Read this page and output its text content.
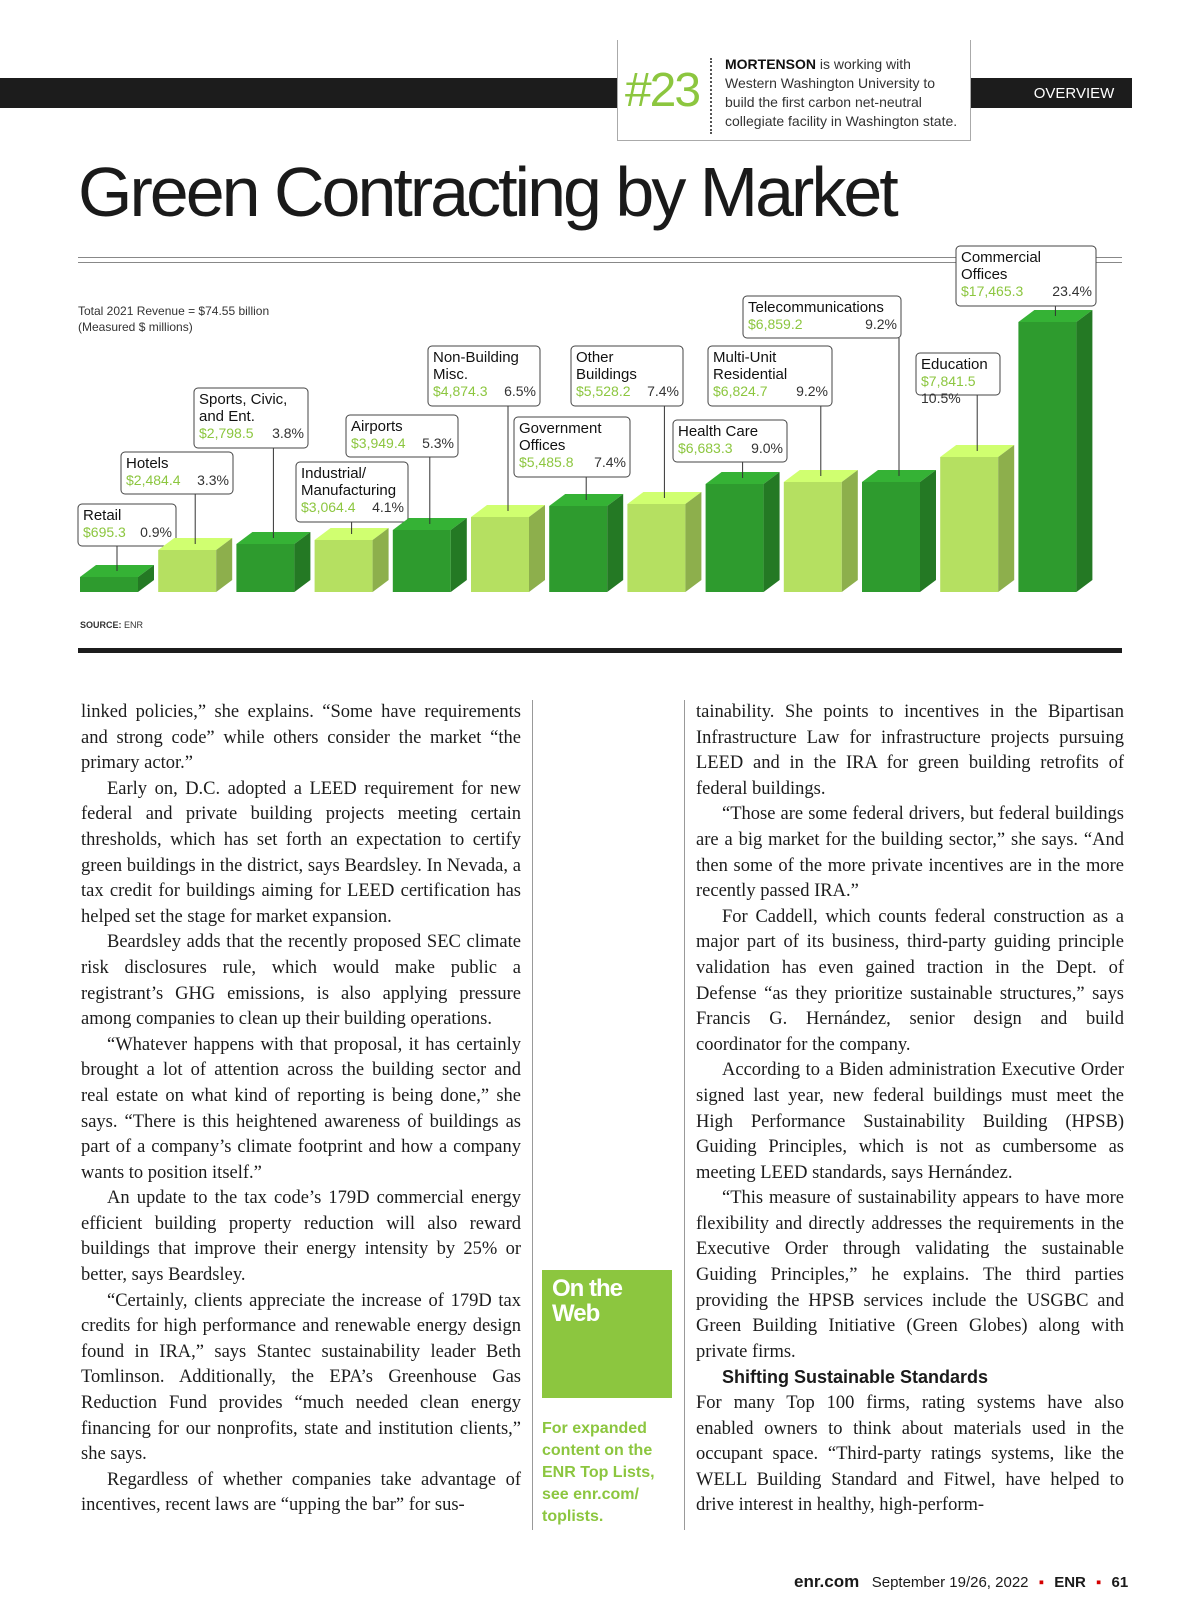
OVERVIEW
#23 MORTENSON is working with Western Washington University to build the first carbon net-neutral collegiate facility in Washington state.
Green Contracting by Market
Total 2021 Revenue = $74.55 billion
(Measured $ millions)
Retail
$695.3 0.9%
Hotels
$2,484.4 3.3%
Sports, Civic,
and Ent.
$2,798.5 3.8%
Industrial/
Manufacturing
$3,064.4 4.1%
Airports
$3,949.4 5.3%
Non-Building
Misc.
$4,874.3 6.5%
Government
Offices
$5,485.8 7.4%
Other
Buildings
$5,528.2 7.4%
Health Care
$6,683.3 9.0%
Multi-Unit
Residential
$6,824.7 9.2%
Telecommunications
$6,859.2	9.2%
Education
$7,841.5
10.5%
Commercial
Offices
$17,465.3 23.4%
SOURCE: ENR

linked policies,” she explains. “Some have requirements and strong code” while others consider the market “the primary actor.”

Early on, D.C. adopted a LEED requirement for new federal and private building projects meeting certain thresholds, which has set forth an expectation to certify green buildings in the district, says Beardsley. In Nevada, a tax credit for buildings aiming for LEED certification has helped set the stage for market expansion.

Beardsley adds that the recently proposed SEC climate risk disclosures rule, which would make public a registrant’s GHG emissions, is also applying pressure among companies to clean up their building operations.

“Whatever happens with that proposal, it has certainly brought a lot of attention across the building sector and real estate on what kind of reporting is being done,” she says. “There is this heightened awareness of buildings as part of a company’s climate footprint and how a company wants to position itself.”

An update to the tax code’s 179D commercial energy efficient building property reduction will also reward buildings that improve their energy intensity by 25% or better, says Beardsley.

“Certainly, clients appreciate the increase of 179D tax credits for high performance and renewable energy design found in IRA,” says Stantec sustainability leader Beth Tomlinson. Additionally, the EPA’s Greenhouse Gas Reduction Fund provides “much needed clean energy financing for our nonprofits, state and institution clients,” she says.

Regardless of whether companies take advantage of incentives, recent laws are “upping the bar” for sus-

On the
Web
For expanded content on the ENR Top Lists, see enr.com/ toplists.

tainability. She points to incentives in the Bipartisan Infrastructure Law for infrastructure projects pursuing LEED and in the IRA for green building retrofits of federal buildings.

“Those are some federal drivers, but federal buildings are a big market for the building sector,” she says. “And then some of the more private incentives are in the more recently passed IRA.”

For Caddell, which counts federal construction as a major part of its business, third-party guiding principle validation has even gained traction in the Dept. of Defense “as they prioritize sustainable structures,” says Francis G. Hernández, senior design and build coordinator for the company.

According to a Biden administration Executive Order signed last year, new federal buildings must meet the High Performance Sustainability Building (HPSB) Guiding Principles, which is not as cumbersome as meeting LEED standards, says Hernández.

“This measure of sustainability appears to have more flexibility and directly addresses the requirements in the Executive Order through validating the sustainable Guiding Principles,” he explains. The third parties providing the HPSB services include the USGBC and Green Building Initiative (Green Globes) along with private firms.

Shifting Sustainable Standards

For many Top 100 firms, rating systems have also enabled owners to think about materials used in the occupant space. “Third-party ratings systems, like the WELL Building Standard and Fitwel, have helped to drive interest in healthy, high-perform-

enr.com September 19/26, 2022 ▪ ENR ▪ 61
